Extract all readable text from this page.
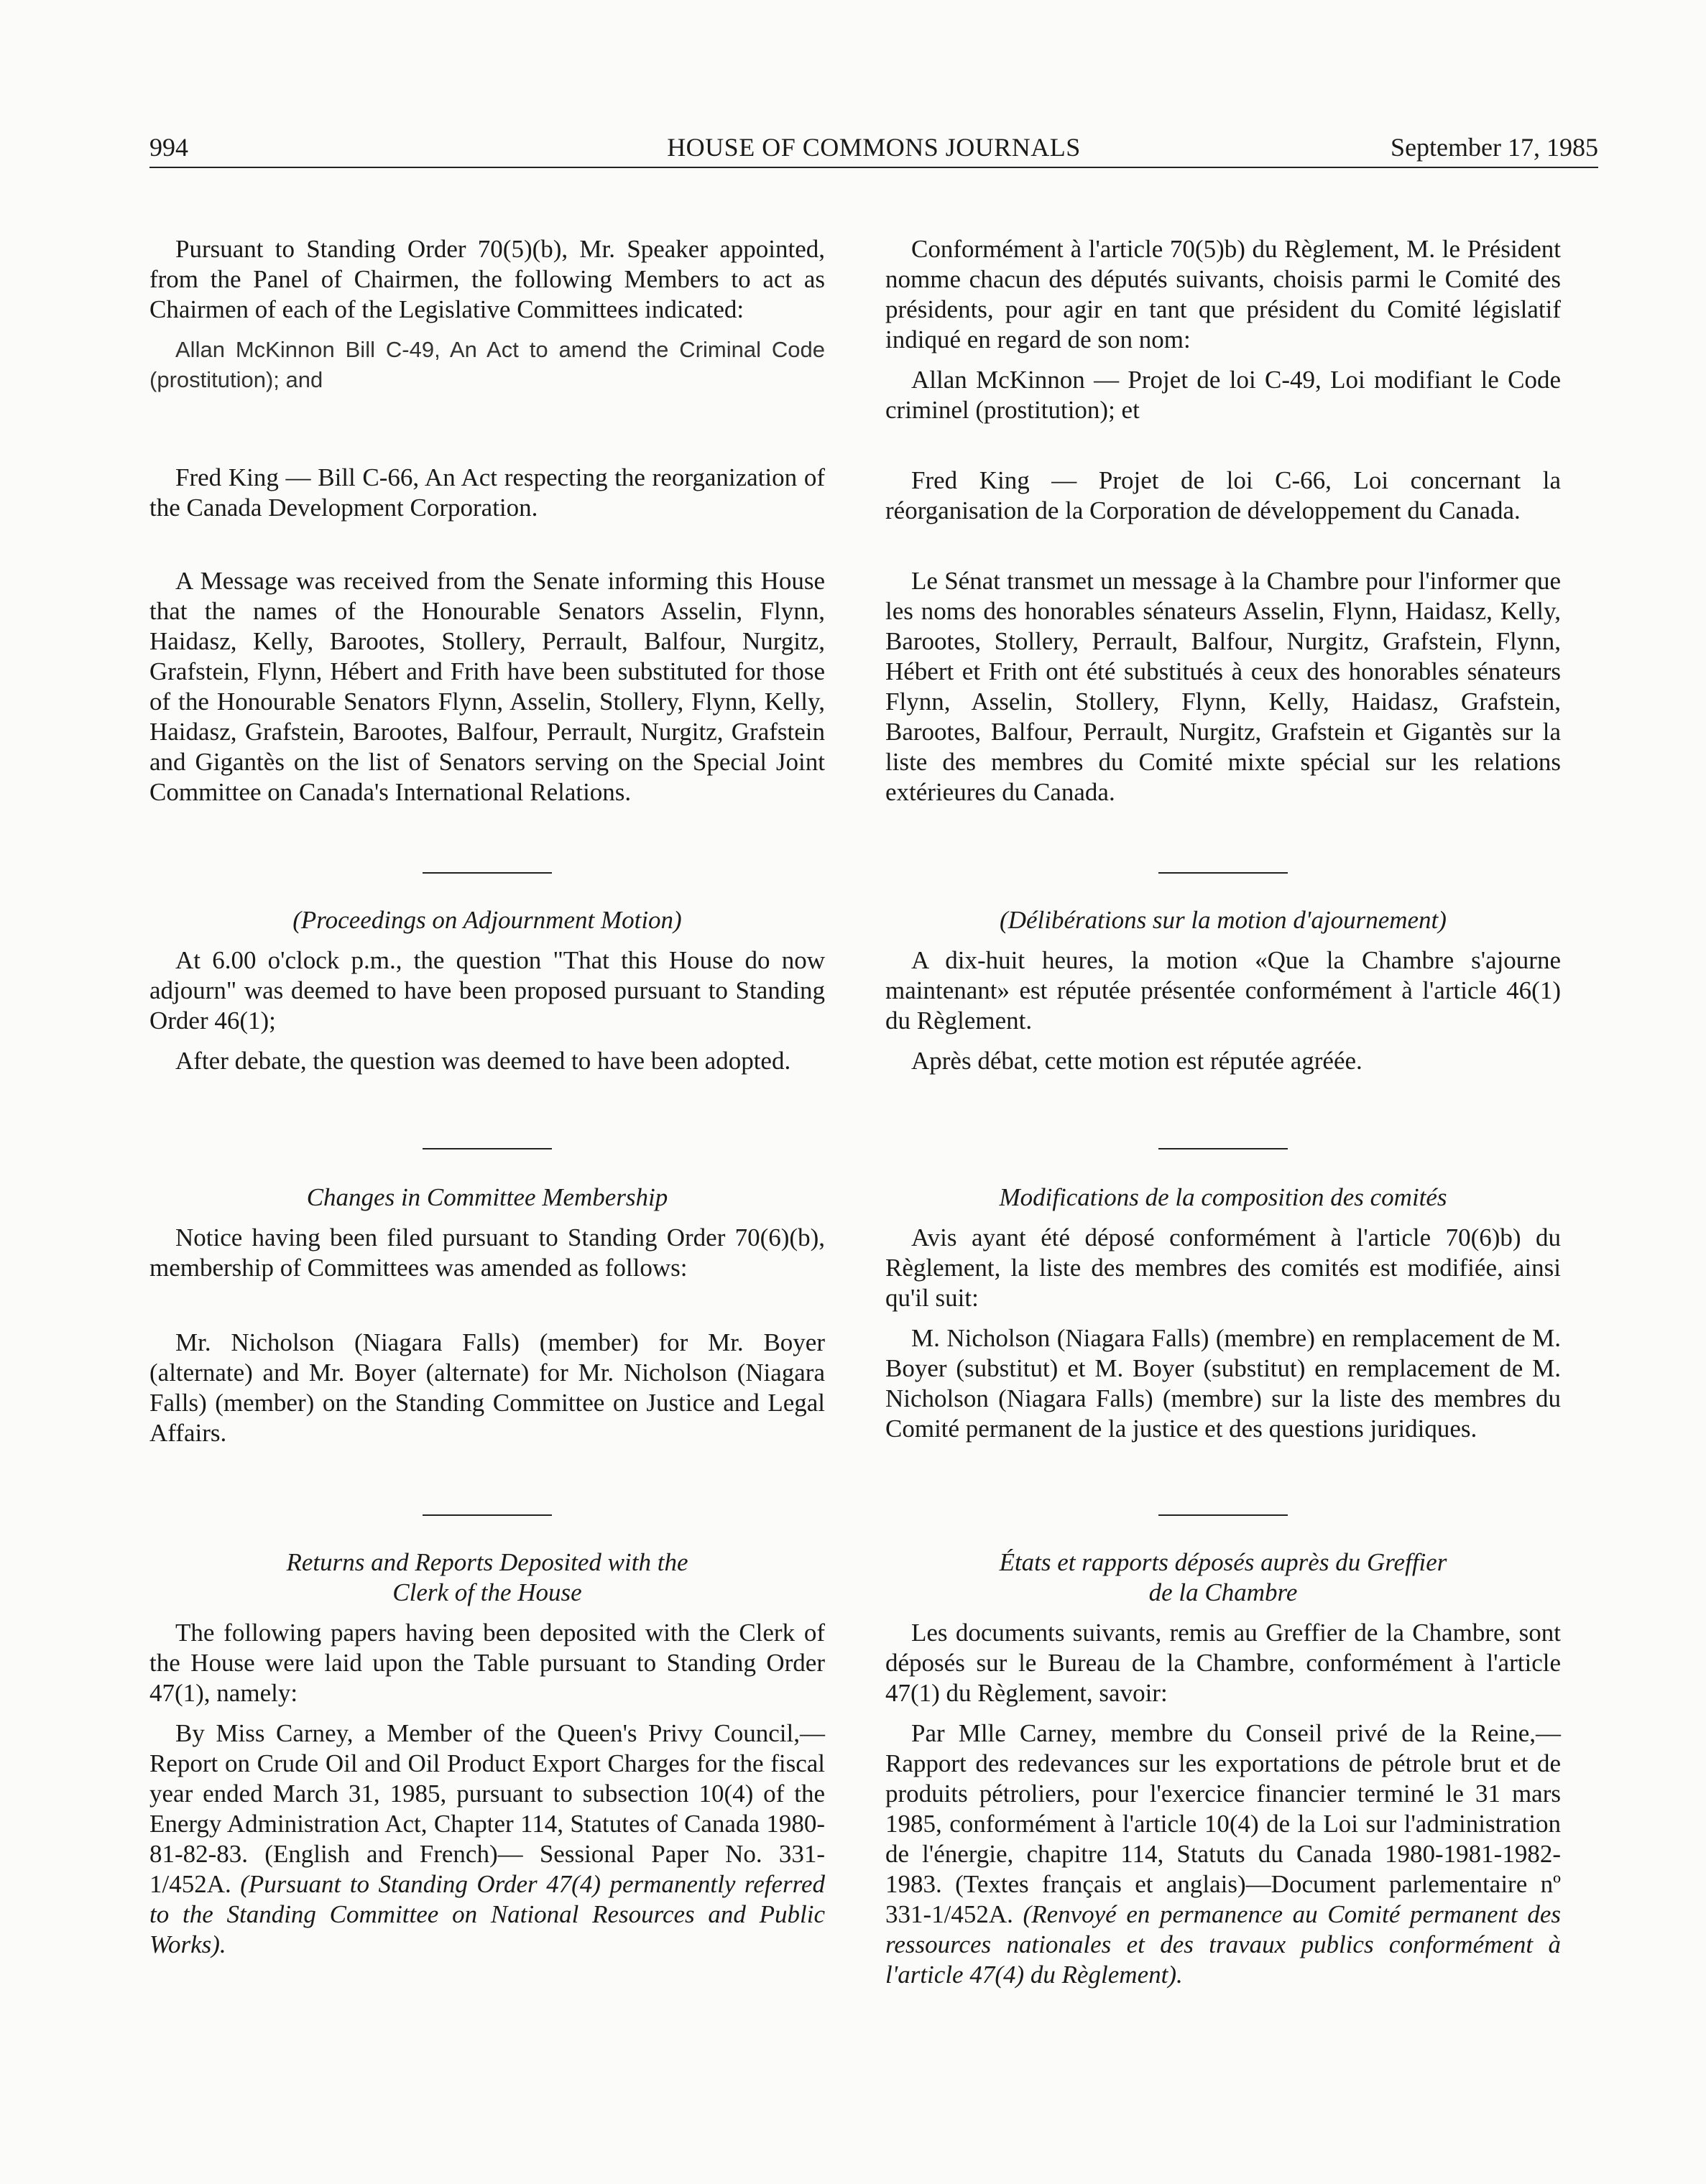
994	HOUSE OF COMMONS JOURNALS	September 17, 1985

Pursuant to Standing Order 70(5)(b), Mr. Speaker appointed, from the Panel of Chairmen, the following Members to act as Chairmen of each of the Legislative Committees indicated:

Allan McKinnon Bill C-49, An Act to amend the Criminal Code (prostitution); and

Fred King — Bill C-66, An Act respecting the reorganization of the Canada Development Corporation.

A Message was received from the Senate informing this House that the names of the Honourable Senators Asselin, Flynn, Haidasz, Kelly, Barootes, Stollery, Perrault, Balfour, Nurgitz, Grafstein, Flynn, Hébert and Frith have been substituted for those of the Honourable Senators Flynn, Asselin, Stollery, Flynn, Kelly, Haidasz, Grafstein, Barootes, Balfour, Perrault, Nurgitz, Grafstein and Gigantès on the list of Senators serving on the Special Joint Committee on Canada's International Relations.

(Proceedings on Adjournment Motion)

At 6.00 o'clock p.m., the question "That this House do now adjourn" was deemed to have been proposed pursuant to Standing Order 46(1);

After debate, the question was deemed to have been adopted.

Changes in Committee Membership

Notice having been filed pursuant to Standing Order 70(6)(b), membership of Committees was amended as follows:

Mr. Nicholson (Niagara Falls) (member) for Mr. Boyer (alternate) and Mr. Boyer (alternate) for Mr. Nicholson (Niagara Falls) (member) on the Standing Committee on Justice and Legal Affairs.

Returns and Reports Deposited with the

Clerk of the House

The following papers having been deposited with the Clerk of the House were laid upon the Table pursuant to Standing Order 47(1), namely:

By Miss Carney, a Member of the Queen's Privy Council,— Report on Crude Oil and Oil Product Export Charges for the fiscal year ended March 31, 1985, pursuant to subsection 10(4) of the Energy Administration Act, Chapter 114, Statutes of Canada 1980-81-82-83. (English and French)— Sessional Paper No. 331-1/452A. (Pursuant to Standing Order 47(4) permanently referred to the Standing Committee on National Resources and Public Works).

Conformément à l'article 70(5)b) du Règlement, M. le Président nomme chacun des députés suivants, choisis parmi le Comité des présidents, pour agir en tant que président du Comité législatif indiqué en regard de son nom:

Allan McKinnon — Projet de loi C-49, Loi modifiant le Code criminel (prostitution); et

Fred King — Projet de loi C-66, Loi concernant la réorganisation de la Corporation de développement du Canada.

Le Sénat transmet un message à la Chambre pour l'informer que les noms des honorables sénateurs Asselin, Flynn, Haidasz, Kelly, Barootes, Stollery, Perrault, Balfour, Nurgitz, Grafstein, Flynn, Hébert et Frith ont été substitués à ceux des honorables sénateurs Flynn, Asselin, Stollery, Flynn, Kelly, Haidasz, Grafstein, Barootes, Balfour, Perrault, Nurgitz, Grafstein et Gigantès sur la liste des membres du Comité mixte spécial sur les relations extérieures du Canada.

(Délibérations sur la motion d'ajournement)

A dix-huit heures, la motion «Que la Chambre s'ajourne maintenant» est réputée présentée conformément à l'article 46(1) du Règlement.

Après débat, cette motion est réputée agréée.

Modifications de la composition des comités

Avis ayant été déposé conformément à l'article 70(6)b) du Règlement, la liste des membres des comités est modifiée, ainsi qu'il suit:

M. Nicholson (Niagara Falls) (membre) en remplacement de M. Boyer (substitut) et M. Boyer (substitut) en remplacement de M. Nicholson (Niagara Falls) (membre) sur la liste des membres du Comité permanent de la justice et des questions juridiques.

États et rapports déposés auprès du Greffier

de la Chambre

Les documents suivants, remis au Greffier de la Chambre, sont déposés sur le Bureau de la Chambre, conformément à l'article 47(1) du Règlement, savoir:

Par Mlle Carney, membre du Conseil privé de la Reine,— Rapport des redevances sur les exportations de pétrole brut et de produits pétroliers, pour l'exercice financier terminé le 31 mars 1985, conformément à l'article 10(4) de la Loi sur l'administration de l'énergie, chapitre 114, Statuts du Canada 1980-1981-1982-1983. (Textes français et anglais)—Document parlementaire nº 331-1/452A. (Renvoyé en permanence au Comité permanent des ressources nationales et des travaux publics conformément à l'article 47(4) du Règlement).
